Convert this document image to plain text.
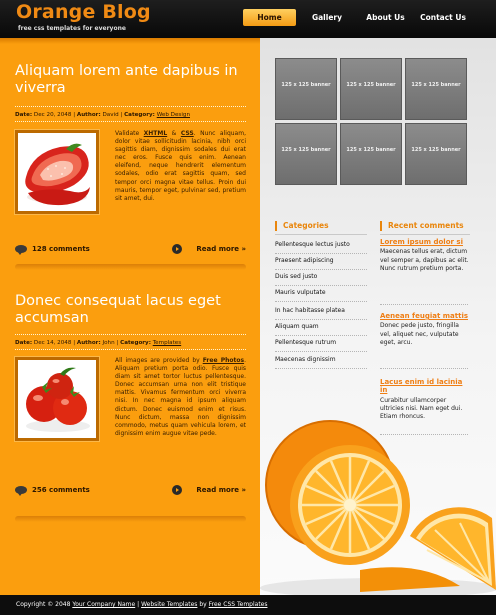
Orange Blog
free css templates for everyone
Home	Gallery	About Us	Contact Us
Aliquam lorem ante dapibus in viverra
Date: Dec 20, 2048 | Author: David | Category: Web Design
Validate XHTML & CSS. Nunc aliquam, dolor vitae sollicitudin lacinia, nibh orci sagittis diam, dignissim sodales dui erat nec eros. Fusce quis enim. Aenean eleifend, neque hendrerit elementum sodales, odio erat sagittis quam, sed tempor orci magna vitae tellus. Proin dui mauris, tempor eget, pulvinar sed, pretium sit amet, dui.
128 comments	Read more »
Donec consequat lacus eget accumsan
Date: Dec 14, 2048 | Author: John | Category: Templates
All images are provided by Free Photos. Aliquam pretium porta odio. Fusce quis diam sit amet tortor luctus pellentesque. Donec accumsan urna non elit tristique mattis. Vivamus fermentum orci viverra nisi. In nec magna id ipsum aliquam dictum. Donec euismod enim et risus. Nunc dictum, massa non dignissim commodo, metus quam vehicula lorem, et dignissim enim augue vitae pede.
256 comments	Read more »
125 x 125 banner	125 x 125 banner	125 x 125 banner
125 x 125 banner	125 x 125 banner	125 x 125 banner
Categories
Pellentesque lectus justo
Praesent adipiscing
Duis sed justo
Mauris vulputate
In hac habitasse platea
Aliquam quam
Pellentesque rutrum
Maecenas dignissim
Recent comments
Lorem ipsum dolor si
Maecenas tellus erat, dictum vel semper a, dapibus ac elit. Nunc rutrum pretium porta.
Aenean feugiat mattis
Donec pede justo, fringilla vel, aliquet nec, vulputate eget, arcu.
Lacus enim id lacinia in
Curabitur ullamcorper ultricies nisi. Nam eget dui. Etiam rhoncus.
Copyright © 2048 Your Company Name | Website Templates by Free CSS Templates
